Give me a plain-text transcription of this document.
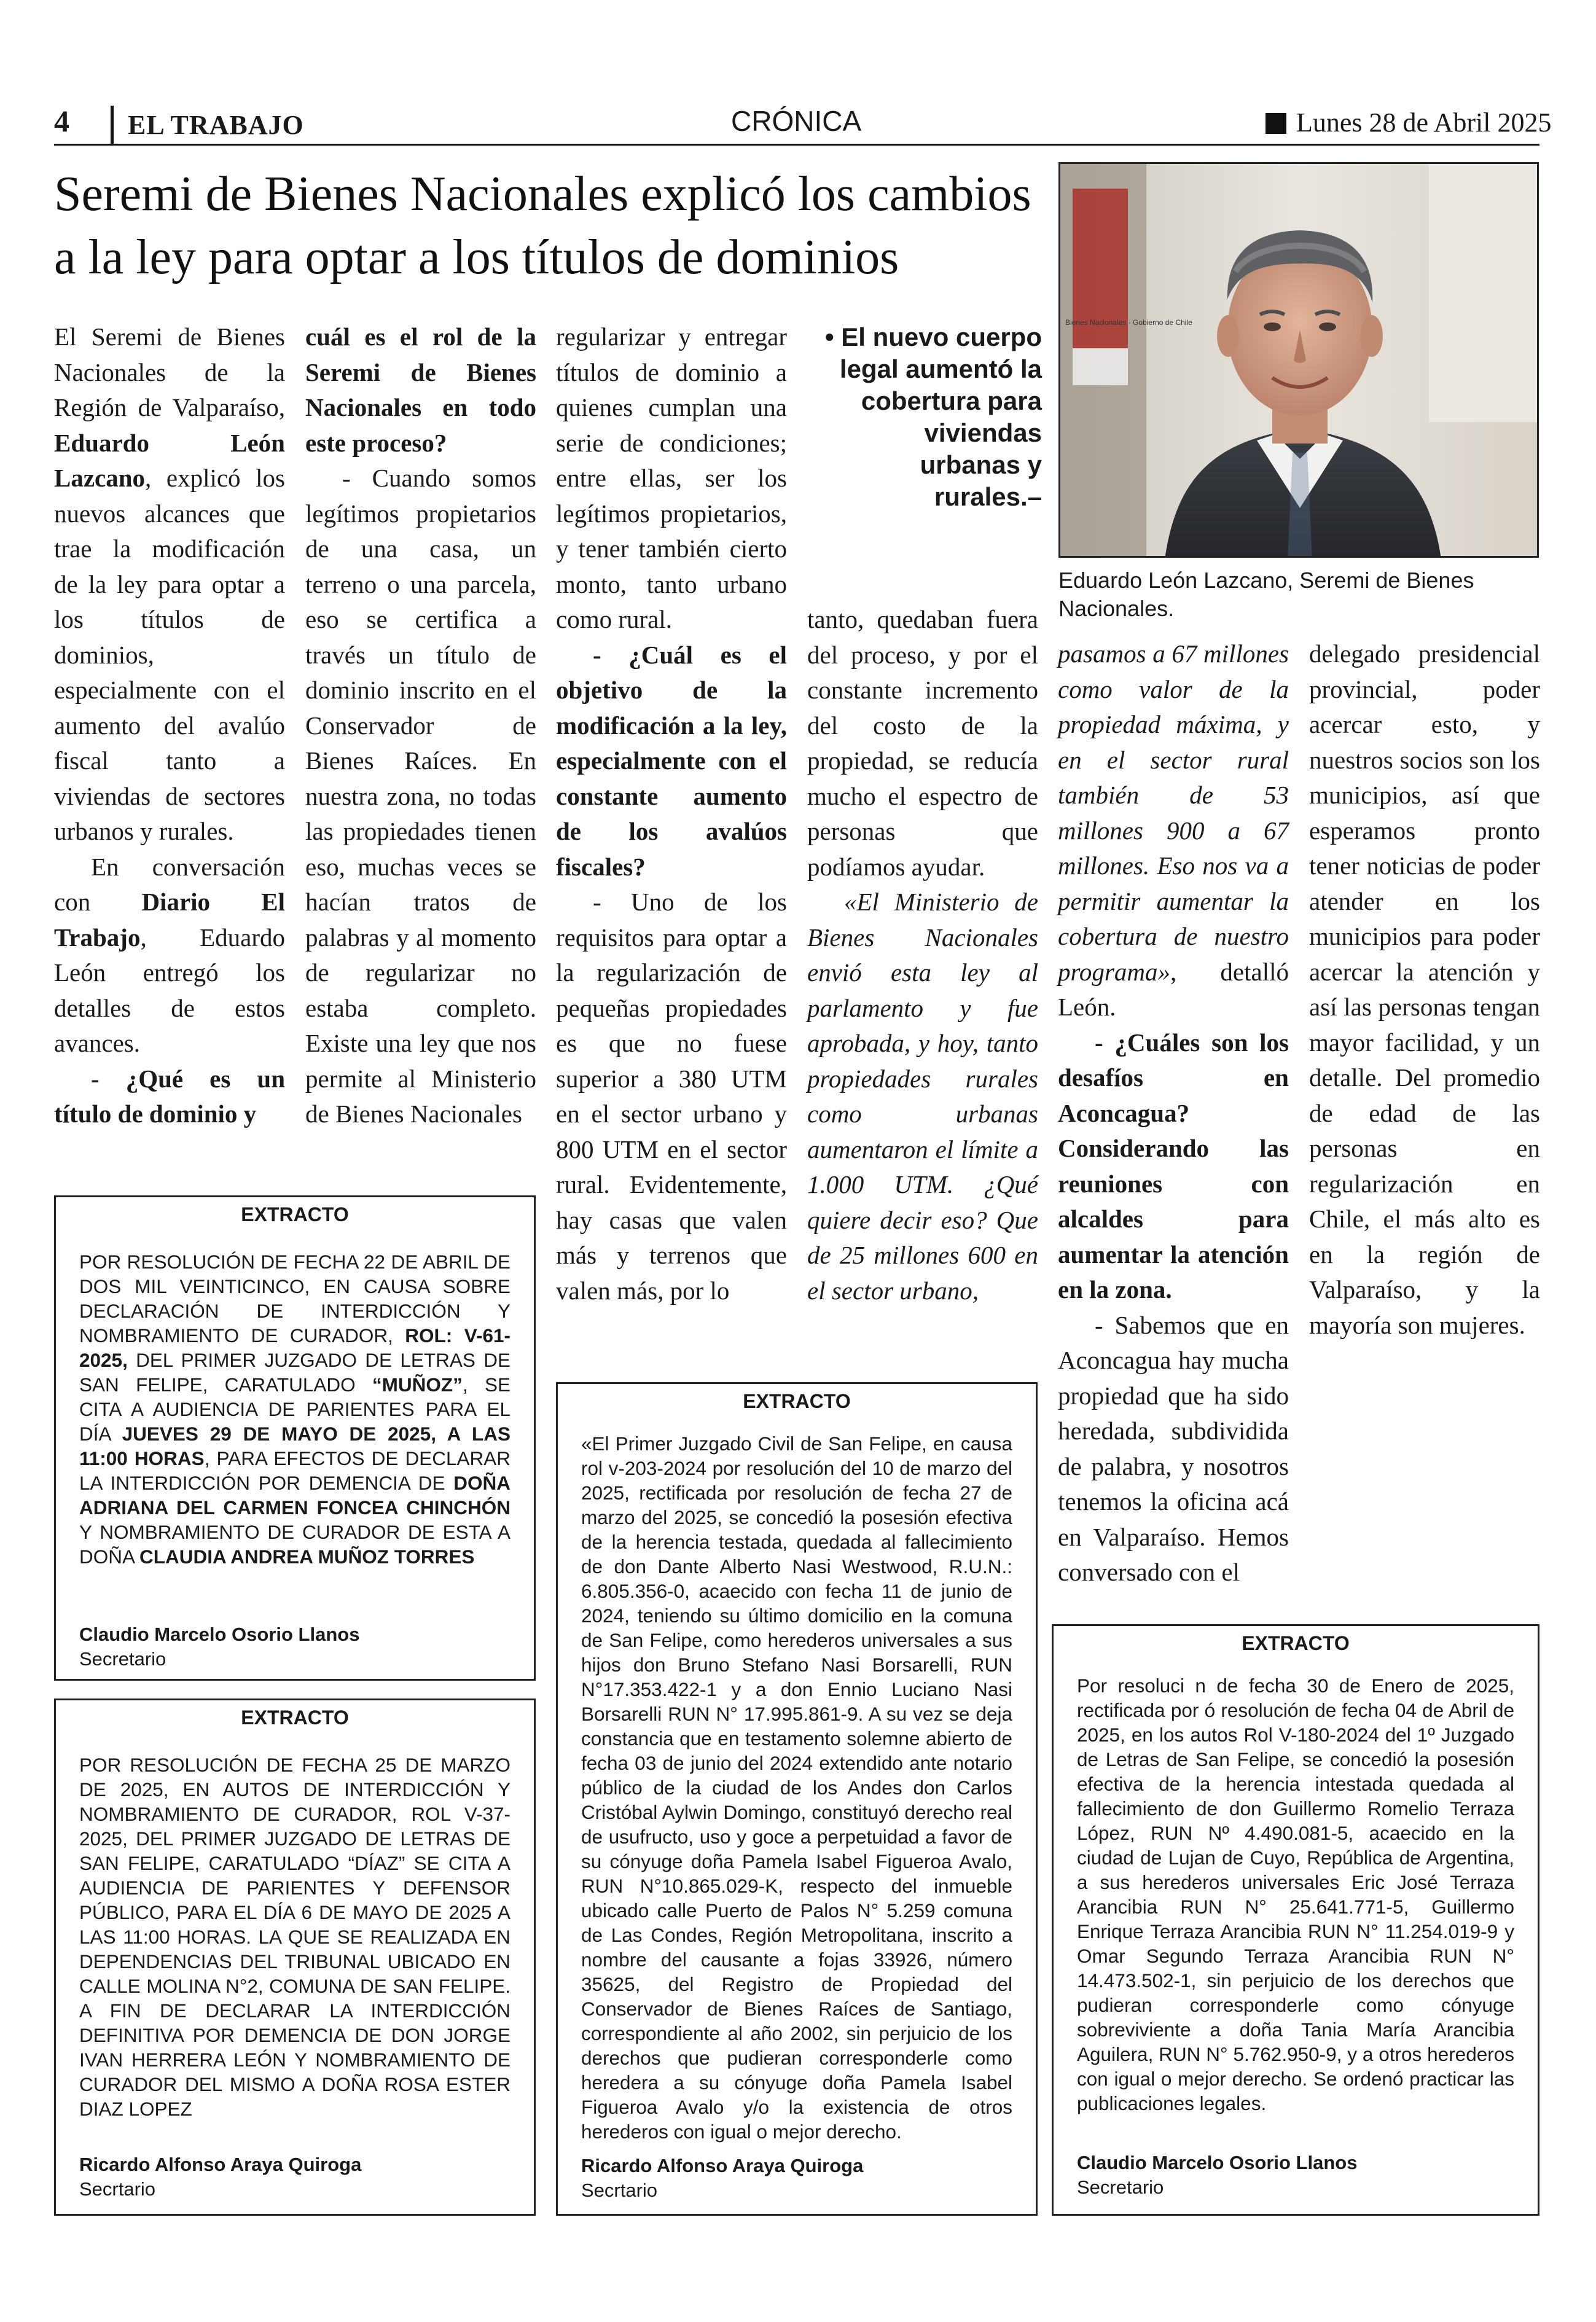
4 EL TRABAJO	CRÓNICA	Lunes 28 de Abril 2025
Seremi de Bienes Nacionales explicó los cambios a la ley para optar a los títulos de dominios
Bienes Nacionales · Gobierno de Chile
Eduardo León Lazcano, Seremi de Bienes Nacionales.
• El nuevo cuerpo legal aumentó la cobertura para viviendas urbanas y rurales.–

El Seremi de Bienes Nacionales de la Región de Valparaíso, Eduardo León Lazcano, explicó los nuevos alcances que trae la modificación de la ley para optar a los títulos de dominios, especialmente con el aumento del avalúo fiscal tanto a viviendas de sectores urbanos y rurales.

En conversación con Diario El Trabajo, Eduardo León entregó los detalles de estos avances.

- ¿Qué es un título de dominio y

cuál es el rol de la Seremi de Bienes Nacionales en todo este proceso?

- Cuando somos legítimos propietarios de una casa, un terreno o una parcela, eso se certifica a través un título de dominio inscrito en el Conservador de Bienes Raíces. En nuestra zona, no todas las propiedades tienen eso, muchas veces se hacían tratos de palabras y al momento de regularizar no estaba completo. Existe una ley que nos permite al Ministerio de Bienes Nacionales

regularizar y entregar títulos de dominio a quienes cumplan una serie de condiciones; entre ellas, ser los legítimos propietarios, y tener también cierto monto, tanto urbano como rural.

- ¿Cuál es el objetivo de la modificación a la ley, especialmente con el constante aumento de los avalúos fiscales?

- Uno de los requisitos para optar a la regularización de pequeñas propiedades es que no fuese superior a 380 UTM en el sector urbano y 800 UTM en el sector rural. Evidentemente, hay casas que valen más y terrenos que valen más, por lo

tanto, quedaban fuera del proceso, y por el constante incremento del costo de la propiedad, se reducía mucho el espectro de personas que podíamos ayudar.

«El Ministerio de Bienes Nacionales envió esta ley al parlamento y fue aprobada, y hoy, tanto propiedades rurales como urbanas aumentaron el límite a 1.000 UTM. ¿Qué quiere decir eso? Que de 25 millones 600 en el sector urbano,

pasamos a 67 millones como valor de la propiedad máxima, y en el sector rural también de 53 millones 900 a 67 millones. Eso nos va a permitir aumentar la cobertura de nuestro programa», detalló León.

- ¿Cuáles son los desafíos en Aconcagua? Considerando las reuniones con alcaldes para aumentar la atención en la zona.

- Sabemos que en Aconcagua hay mucha propiedad que ha sido heredada, subdividida de palabra, y nosotros tenemos la oficina acá en Valparaíso. Hemos conversado con el

delegado presidencial provincial, poder acercar esto, y nuestros socios son los municipios, así que esperamos pronto tener noticias de poder atender en los municipios para poder acercar la atención y así las personas tengan mayor facilidad, y un detalle. Del promedio de edad de las personas en regularización en Chile, el más alto es en la región de Valparaíso, y la mayoría son mujeres.

EXTRACTO
POR RESOLUCIÓN DE FECHA 22 DE ABRIL DE DOS MIL VEINTICINCO, EN CAUSA SOBRE DECLARACIÓN DE INTERDICCIÓN Y NOMBRAMIENTO DE CURADOR, ROL: V-61-2025, DEL PRIMER JUZGADO DE LETRAS DE SAN FELIPE, CARATULADO “MUÑOZ”, SE CITA A AUDIENCIA DE PARIENTES PARA EL DÍA JUEVES 29 DE MAYO DE 2025, A LAS 11:00 HORAS, PARA EFECTOS DE DECLARAR LA INTERDICCIÓN POR DEMENCIA DE DOÑA ADRIANA DEL CARMEN FONCEA CHINCHÓN Y NOMBRAMIENTO DE CURADOR DE ESTA A DOÑA CLAUDIA ANDREA MUÑOZ TORRES
Claudio Marcelo Osorio Llanos
Secretario
EXTRACTO
POR RESOLUCIÓN DE FECHA 25 DE MARZO DE 2025, EN AUTOS DE INTERDICCIÓN Y NOMBRAMIENTO DE CURADOR, ROL V-37-2025, DEL PRIMER JUZGADO DE LETRAS DE SAN FELIPE, CARATULADO “DÍAZ” SE CITA A AUDIENCIA DE PARIENTES Y DEFENSOR PÚBLICO, PARA EL DÍA 6 DE MAYO DE 2025 A LAS 11:00 HORAS. LA QUE SE REALIZADA EN DEPENDENCIAS DEL TRIBUNAL UBICADO EN CALLE MOLINA N°2, COMUNA DE SAN FELIPE. A FIN DE DECLARAR LA INTERDICCIÓN DEFINITIVA POR DEMENCIA DE DON JORGE IVAN HERRERA LEÓN Y NOMBRAMIENTO DE CURADOR DEL MISMO A DOÑA ROSA ESTER DIAZ LOPEZ
Ricardo Alfonso Araya Quiroga
Secrtario
EXTRACTO
«El Primer Juzgado Civil de San Felipe, en causa rol v-203-2024 por resolución del 10 de marzo del 2025, rectificada por resolución de fecha 27 de marzo del 2025, se concedió la posesión efectiva de la herencia testada, quedada al fallecimiento de don Dante Alberto Nasi Westwood, R.U.N.: 6.805.356-0, acaecido con fecha 11 de junio de 2024, teniendo su último domicilio en la comuna de San Felipe, como herederos universales a sus hijos don Bruno Stefano Nasi Borsarelli, RUN N°17.353.422-1 y a don Ennio Luciano Nasi Borsarelli RUN N° 17.995.861-9. A su vez se deja constancia que en testamento solemne abierto de fecha 03 de junio del 2024 extendido ante notario público de la ciudad de los Andes don Carlos Cristóbal Aylwin Domingo, constituyó derecho real de usufructo, uso y goce a perpetuidad a favor de su cónyuge doña Pamela Isabel Figueroa Avalo, RUN N°10.865.029-K, respecto del inmueble ubicado calle Puerto de Palos N° 5.259 comuna de Las Condes, Región Metropolitana, inscrito a nombre del causante a fojas 33926, número 35625, del Registro de Propiedad del Conservador de Bienes Raíces de Santiago, correspondiente al año 2002, sin perjuicio de los derechos que pudieran corresponderle como heredera a su cónyuge doña Pamela Isabel Figueroa Avalo y/o la existencia de otros herederos con igual o mejor derecho.
Ricardo Alfonso Araya Quiroga
Secrtario
EXTRACTO
Por resoluci n de fecha 30 de Enero de 2025, rectificada por ó resolución de fecha 04 de Abril de 2025, en los autos Rol V-180-2024 del 1º Juzgado de Letras de San Felipe, se concedió la posesión efectiva de la herencia intestada quedada al fallecimiento de don Guillermo Romelio Terraza López, RUN Nº 4.490.081-5, acaecido en la ciudad de Lujan de Cuyo, República de Argentina, a sus herederos universales Eric José Terraza Arancibia RUN N° 25.641.771-5, Guillermo Enrique Terraza Arancibia RUN N° 11.254.019-9 y Omar Segundo Terraza Arancibia RUN N° 14.473.502-1, sin perjuicio de los derechos que pudieran corresponderle como cónyuge sobreviviente a doña Tania María Arancibia Aguilera, RUN N° 5.762.950-9, y a otros herederos con igual o mejor derecho. Se ordenó practicar las publicaciones legales.
Claudio Marcelo Osorio Llanos
Secretario
